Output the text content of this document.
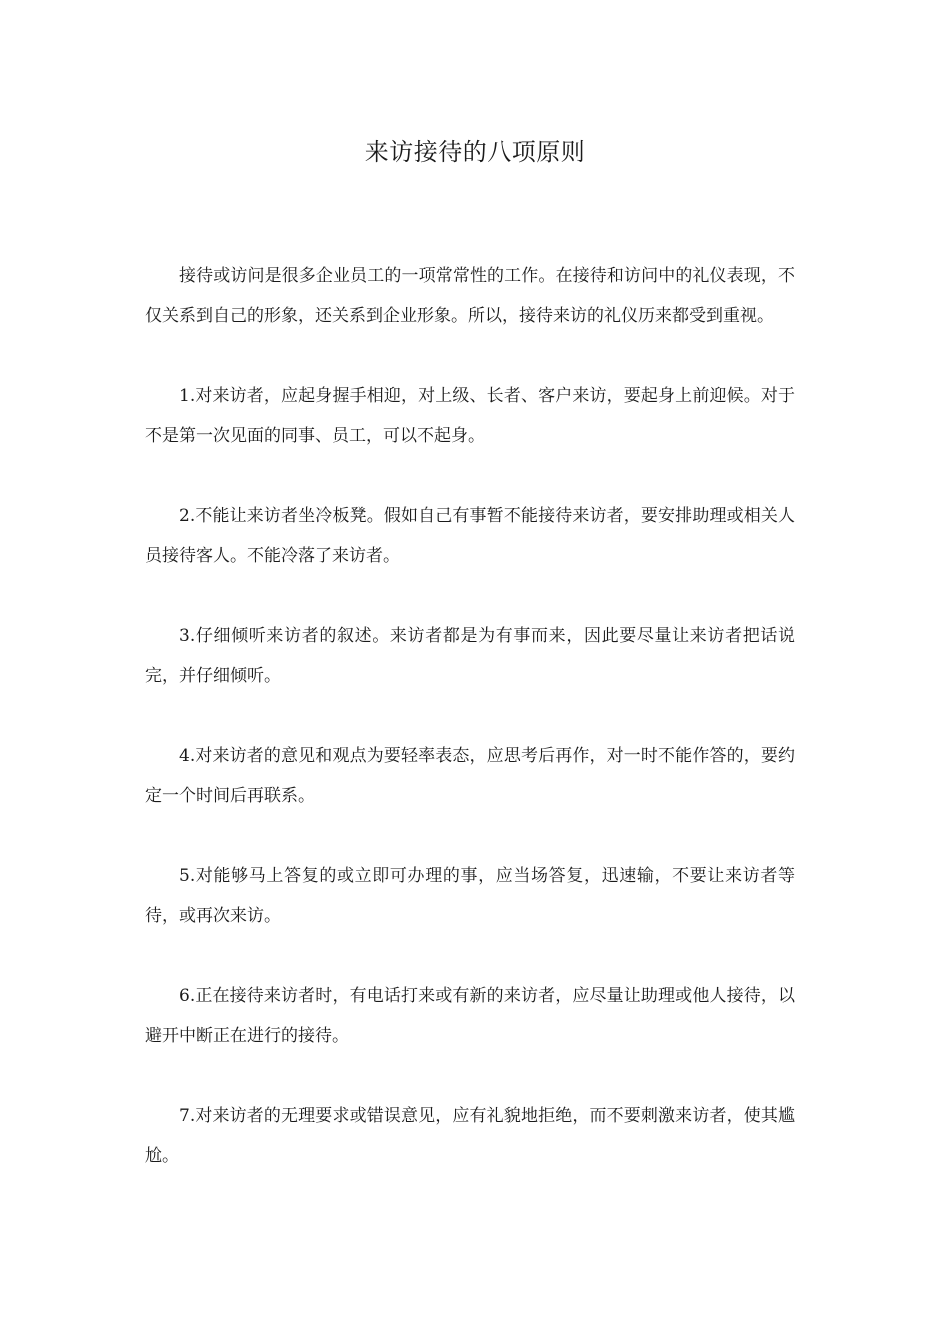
来访接待的八项原则

接待或访问是很多企业员工的一项常常性的工作。在接待和访问中的礼仪表现，不仅关系到自己的形象，还关系到企业形象。所以，接待来访的礼仪历来都受到重视。

1.对来访者，应起身握手相迎，对上级、长者、客户来访，要起身上前迎候。对于不是第一次见面的同事、员工，可以不起身。

2.不能让来访者坐冷板凳。假如自己有事暂不能接待来访者，要安排助理或相关人员接待客人。不能冷落了来访者。

3.仔细倾听来访者的叙述。来访者都是为有事而来，因此要尽量让来访者把话说完，并仔细倾听。

4.对来访者的意见和观点为要轻率表态，应思考后再作，对一时不能作答的，要约定一个时间后再联系。

5.对能够马上答复的或立即可办理的事，应当场答复，迅速输，不要让来访者等待，或再次来访。

6.正在接待来访者时，有电话打来或有新的来访者，应尽量让助理或他人接待，以避开中断正在进行的接待。

7.对来访者的无理要求或错误意见，应有礼貌地拒绝，而不要刺激来访者，使其尴尬。
